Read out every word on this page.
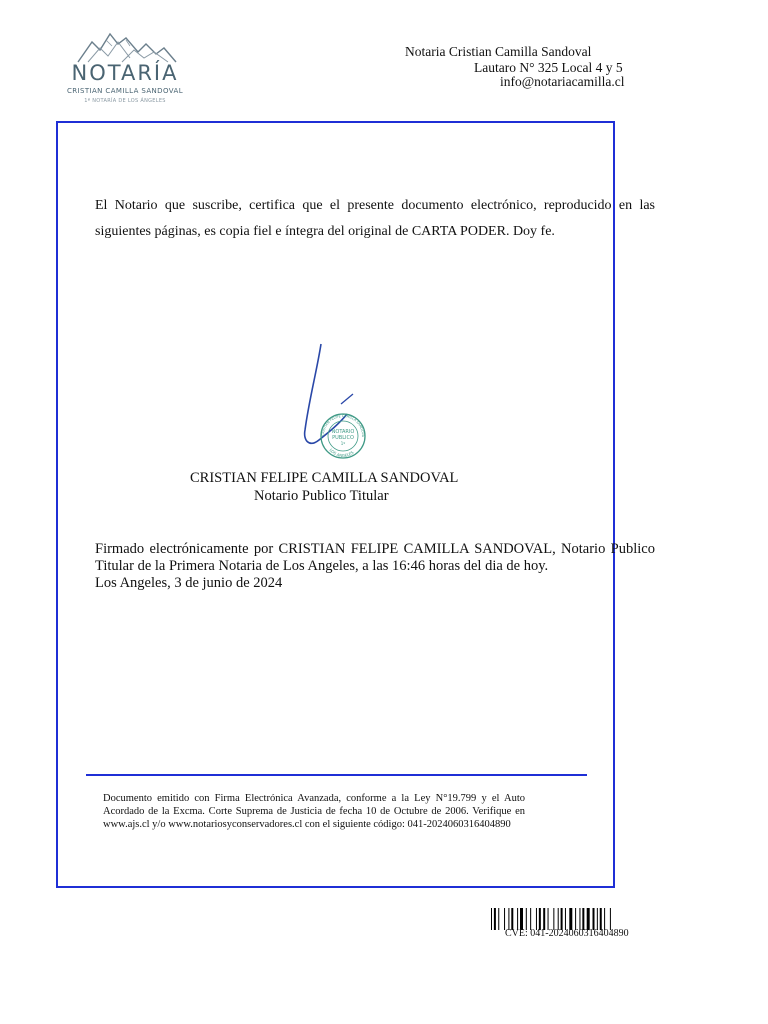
NOTARÍA
CRISTIAN CAMILLA SANDOVAL
1ª NOTARÍA DE LOS ÁNGELES
Notaria Cristian Camilla Sandoval
Lautaro N° 325 Local 4 y 5
info@notariacamilla.cl
El Notario que suscribe, certifica que el presente documento electrónico, reproducido en las siguientes páginas, es copia fiel e íntegra del original de CARTA PODER. Doy fe.
CRISTIAN FELIPE CAMILLA SANDOVA
LOS ANGELES
NOTARIO
PUBLICO
1º
CRISTIAN FELIPE CAMILLA SANDOVAL
Notario Publico Titular
Firmado electrónicamente por CRISTIAN FELIPE CAMILLA SANDOVAL, Notario Publico Titular de la Primera Notaria de Los Angeles, a las 16:46 horas del dia de hoy.
Los Angeles, 3 de junio de 2024
Documento emitido con Firma Electrónica Avanzada, conforme a la Ley N°19.799 y el Auto Acordado de la Excma. Corte Suprema de Justicia de fecha 10 de Octubre de 2006. Verifique en www.ajs.cl y/o www.notariosyconservadores.cl con el siguiente código: 041-2024060316404890
CVE: 041-2024060316404890
